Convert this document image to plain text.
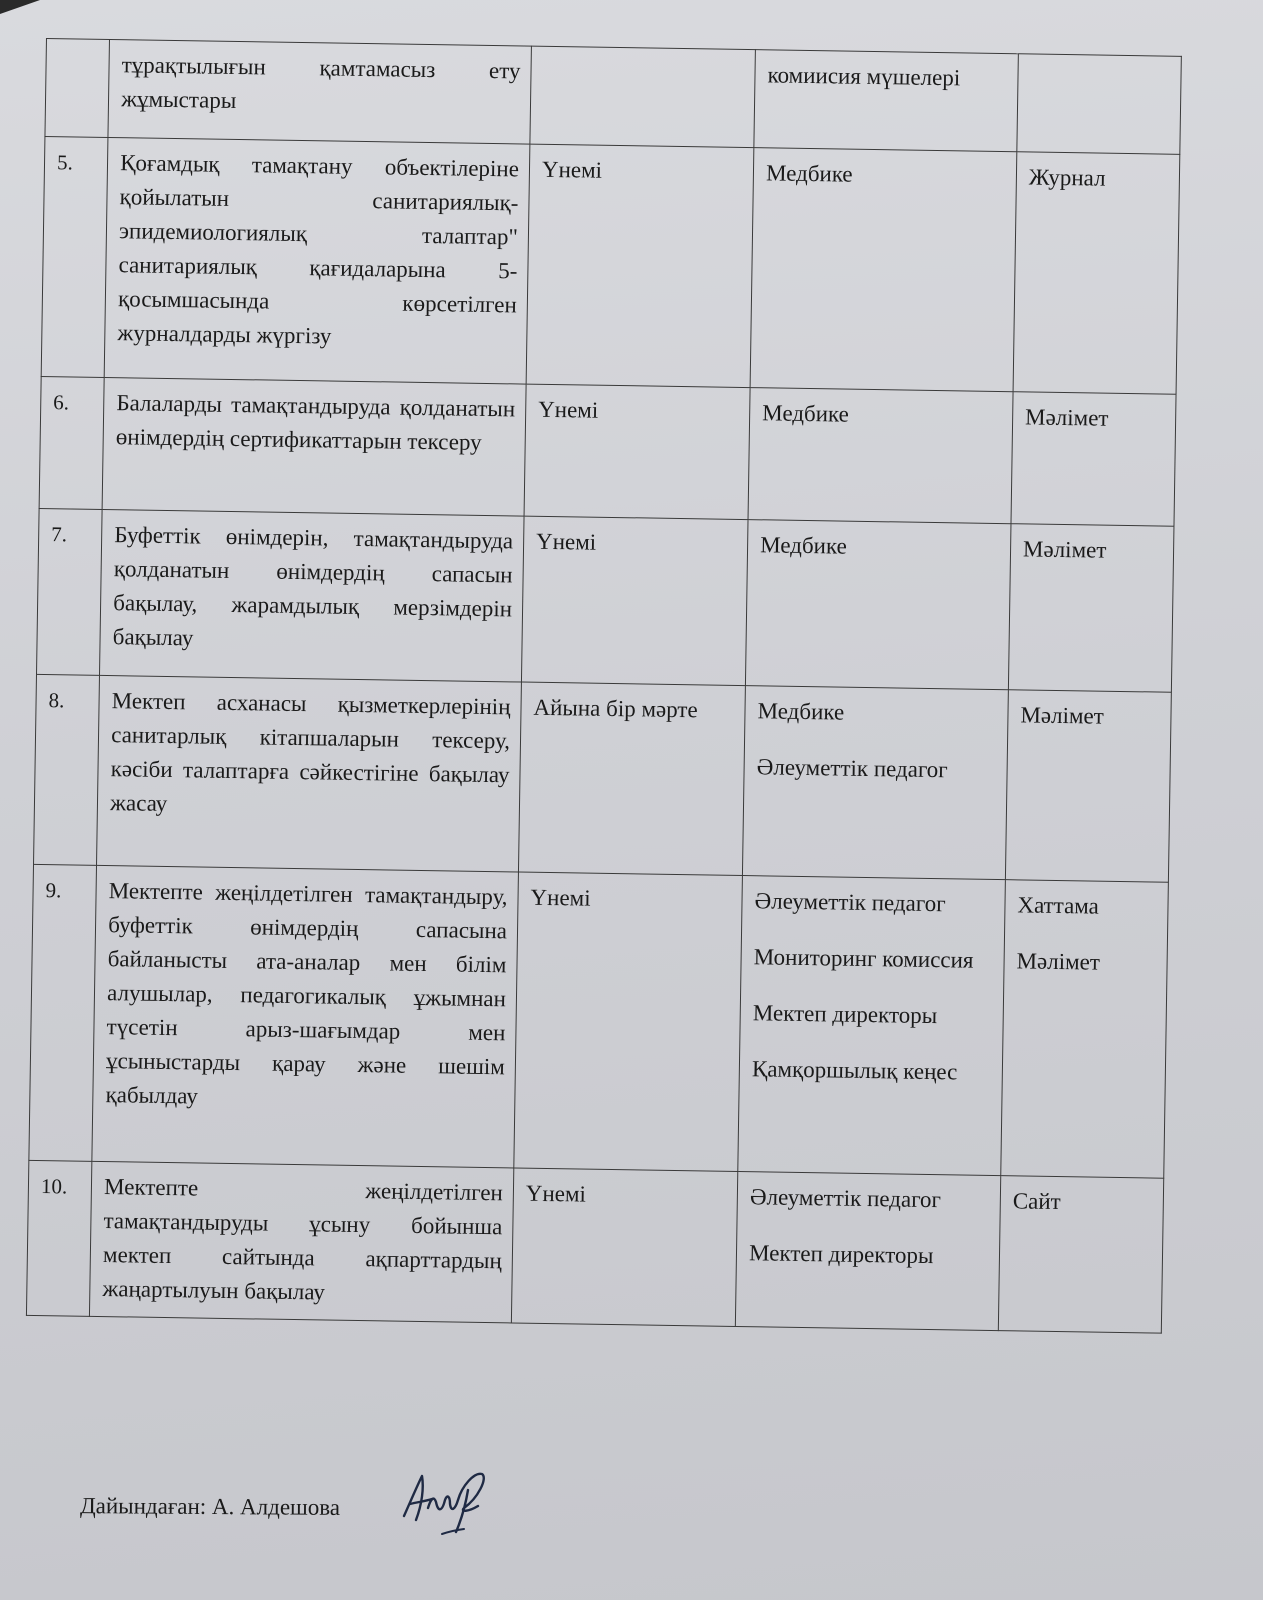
	тұрақтылығын қамтамасыз ету жұмыстары		комиисия мүшелері	

5.	Қоғамдық тамақтану объектілеріне қойылатын санитариялық-эпидемиологиялық талаптар" санитариялық қағидаларына 5-қосымшасында көрсетілген журналдарды жүргізу	Үнемі	Медбике	Журнал

6.	Балаларды тамақтандыруда қолданатын өнімдердің сертификаттарын тексеру	Үнемі	Медбике	Мәлімет

7.	Буфеттік өнімдерін, тамақтандыруда қолданатын өнімдердің сапасын бақылау, жарамдылық мерзімдерін бақылау	Үнемі	Медбике	Мәлімет

8.	Мектеп асханасы қызметкерлерінің санитарлық кітапшаларын тексеру, кәсіби талаптарға сәйкестігіне бақылау жасау	Айына бір мәрте	Медбике
Әлеуметтік педагог	Мәлімет

9.	Мектепте жеңілдетілген тамақтандыру, буфеттік өнімдердің сапасына байланысты ата-аналар мен білім алушылар, педагогикалық ұжымнан түсетін арыз-шағымдар мен ұсыныстарды қарау және шешім қабылдау	Үнемі	Әлеуметтік педагог
Мониторинг комиссия
Мектеп директоры
Қамқоршылық кеңес	Хаттама
Мәлімет

10.	Мектепте жеңілдетілген тамақтандыруды ұсыну бойынша мектеп сайтында ақпарттардың жаңартылуын бақылау	Үнемі	Әлеуметтік педагог
Мектеп директоры	Сайт
Дайындаған: А. Алдешова
